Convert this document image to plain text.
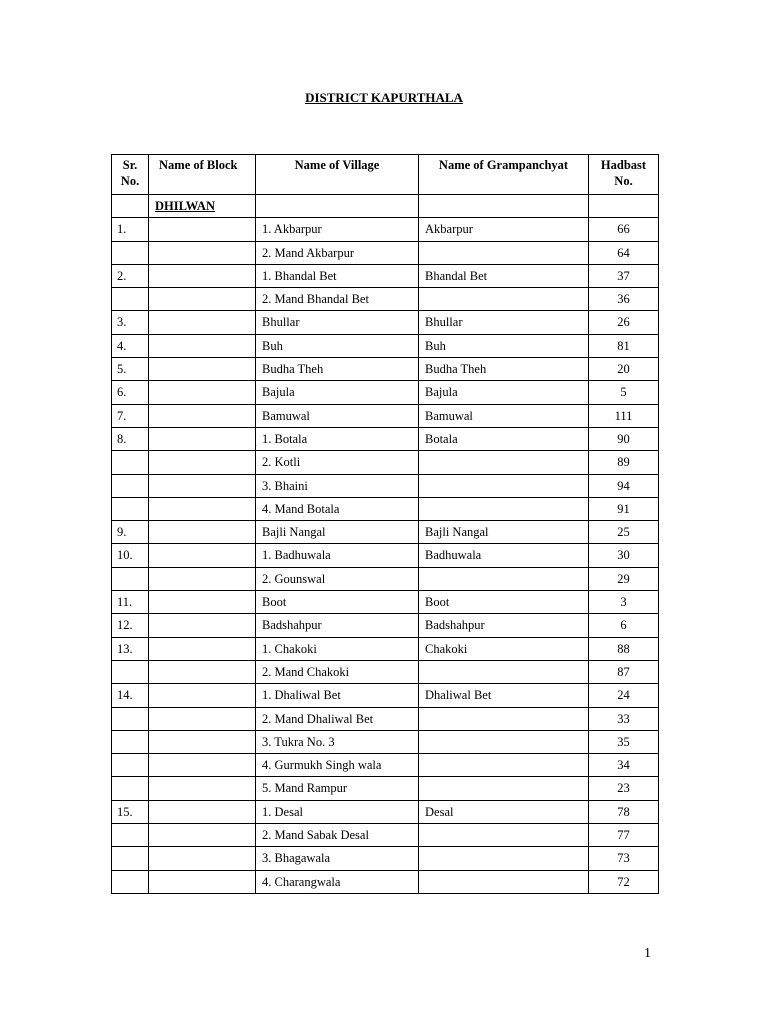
DISTRICT KAPURTHALA
Sr. No.	Name of Block	Name of Village	Name of Grampanchyat	Hadbast No.
	DHILWAN			
1.		1. Akbarpur	Akbarpur	66
		2. Mand Akbarpur		64
2.		1. Bhandal Bet	Bhandal Bet	37
		2. Mand Bhandal Bet		36
3.		Bhullar	Bhullar	26
4.		Buh	Buh	81
5.		Budha Theh	Budha Theh	20
6.		Bajula	Bajula	5
7.		Bamuwal	Bamuwal	111
8.		1. Botala	Botala	90
		2. Kotli		89
		3. Bhaini		94
		4. Mand Botala		91
9.		Bajli Nangal	Bajli Nangal	25
10.		1. Badhuwala	Badhuwala	30
		2. Gounswal		29
11.		Boot	Boot	3
12.		Badshahpur	Badshahpur	6
13.		1. Chakoki	Chakoki	88
		2. Mand Chakoki		87
14.		1. Dhaliwal Bet	Dhaliwal Bet	24
		2. Mand Dhaliwal Bet		33
		3. Tukra No. 3		35
		4. Gurmukh Singh wala		34
		5. Mand Rampur		23
15.		1. Desal	Desal	78
		2. Mand Sabak Desal		77
		3. Bhagawala		73
		4. Charangwala		72
1
